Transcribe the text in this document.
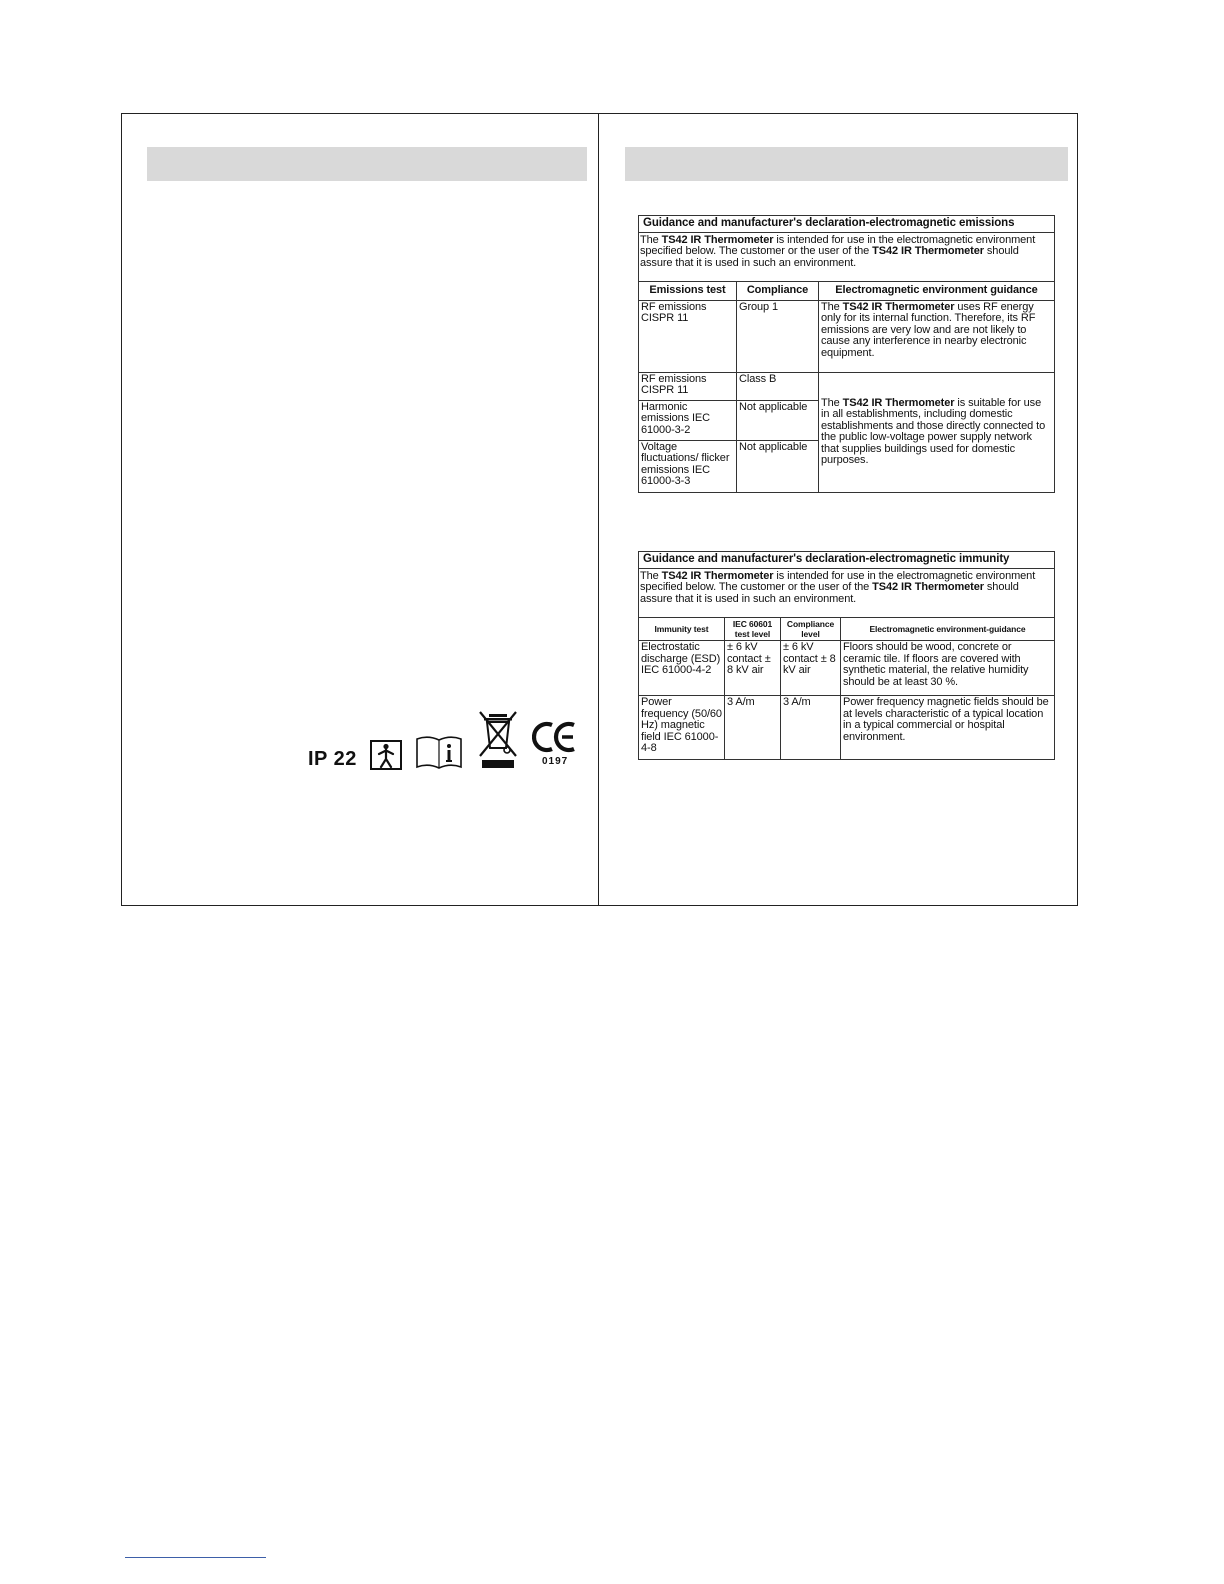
Guidance and manufacturer's declaration-electromagnetic emissions		
The TS42 IR Thermometer is intended for use in the electromagnetic environment specified below. The customer or the user of the TS42 IR Thermometer should assure that it is used in such an environment.		
Emissions test	Compliance	Electromagnetic environment guidance
RF emissions CISPR 11	Group 1	The TS42 IR Thermometer uses RF energy only for its internal function. Therefore, its RF emissions are very low and are not likely to cause any interference in nearby electronic equipment.
RF emissions CISPR 11	Class B	The TS42 IR Thermometer is suitable for use in all establishments, including domestic establishments and those directly connected to the public low-voltage power supply network that supplies buildings used for domestic purposes.
Harmonic emissions IEC 61000-3-2	Not applicable	
Voltage fluctuations/ flicker emissions IEC 61000-3-3	Not applicable	
Guidance and manufacturer's declaration-electromagnetic immunity			
The TS42 IR Thermometer is intended for use in the electromagnetic environment specified below. The customer or the user of the TS42 IR Thermometer should assure that it is used in such an environment.			
Immunity test	IEC 60601 test level	Compliance level	Electromagnetic environment-guidance
Electrostatic discharge (ESD) IEC 61000-4-2	± 6 kV contact ± 8 kV air	± 6 kV contact ± 8 kV air	Floors should be wood, concrete or ceramic tile. If floors are covered with synthetic material, the relative humidity should be at least 30 %.
Power frequency (50/60 Hz) magnetic field IEC 61000-4-8	3 A/m	3 A/m	Power frequency magnetic fields should be at levels characteristic of a typical location in a typical commercial or hospital environment.
IP 22	0197
